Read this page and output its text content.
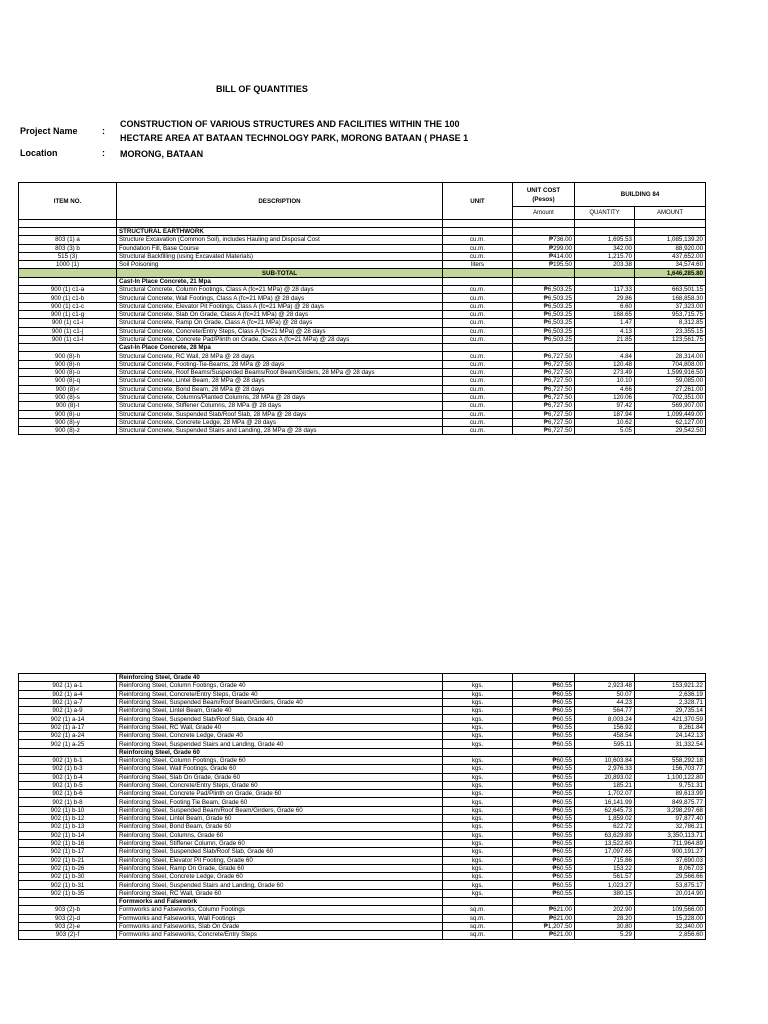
BILL OF QUANTITIES
Project Name	:
CONSTRUCTION OF VARIOUS STRUCTURES AND FACILITIES WITHIN THE 100
HECTARE AREA AT BATAAN TECHNOLOGY PARK, MORONG BATAAN ( PHASE 1
Location	: MORONG, BATAAN
ITEM NO.	DESCRIPTION	UNIT	UNIT COST
(Pesos)	BUILDING 84	
			Amount	QUANTITY	AMOUNT

	STRUCTURAL EARTHWORK				
803 (1) a	Structure Excavation (Common Soil), includes Hauling and Disposal Cost	cu.m.	₱736.00	1,695.53	1,085,139.20
803 (3) b	Foundation Fill, Base Course	cu.m.	₱299.00	342.00	88,920.00
515 (3)	Structural Backfilling (using Excavated Materials)	cu.m.	₱414.00	1,215.70	437,652.00
1000 (1)	Soil Poisoning	liters	₱195.50	203.38	34,574.60
	SUB-TOTAL				1,646,285.80
	Cast-In Place Concrete, 21 Mpa				
900 (1) c1-a	Structural Concrete, Column Footings, Class A (fc=21 MPa) @ 28 days	cu.m.	₱6,503.25	117.33	663,501.15
900 (1) c1-b	Structural Concrete, Wall Footings, Class A (fc=21 MPa) @ 28 days	cu.m.	₱6,503.25	29.86	168,858.30
900 (1) c1-c	Structural Concrete, Elevator Pit Footings, Class A (fc=21 MPa) @ 28 days	cu.m.	₱6,503.25	6.60	37,323.00
900 (1) c1-g	Structural Concrete, Slab On Grade, Class A (fc=21 MPa) @ 28 days	cu.m.	₱6,503.25	168.65	953,715.75
900 (1) c1-i	Structural Concrete, Ramp On Grade, Class A (fc=21 MPa) @ 28 days	cu.m.	₱6,503.25	1.47	8,312.85
900 (1) c1-j	Structural Concrete, Concrete/Entry Steps, Class A (fc=21 MPa) @ 28 days	cu.m.	₱6,503.25	4.13	23,355.15
900 (1) c1-l	Structural Concrete, Concrete Pad/Plinth on Grade, Class A (fc=21 MPa) @ 28 days	cu.m.	₱6,503.25	21.85	123,561.75
	Cast-In Place Concrete, 28 Mpa				
900 (8)-h	Structural Concrete, RC Wall, 28 MPa @ 28 days	cu.m.	₱6,727.50	4.84	28,314.00
900 (8)-n	Structural Concrete, Footing-Tie-Beams, 28 MPa @ 28 days	cu.m.	₱6,727.50	120.48	704,808.00
900 (8)-o	Structural Concrete, Roof Beams/Suspended Beams/Roof Beam/Girders, 28 MPa @ 28 days	cu.m.	₱6,727.50	273.49	1,599,916.50
900 (8)-q	Structural Concrete, Lintel Beam, 28 MPa @ 28 days	cu.m.	₱6,727.50	10.10	59,085.00
900 (8)-r	Structural Concrete, Bond Beam, 28 MPa @ 28 days	cu.m.	₱6,727.50	4.66	27,261.00
900 (8)-s	Structural Concrete, Columns/Planted Columns, 28 MPa @ 28 days	cu.m.	₱6,727.50	120.06	702,351.00
900 (8)-t	Structural Concrete, Stiffener Columns, 28 MPa @ 28 days	cu.m.	₱6,727.50	97.42	569,907.00
900 (8)-u	Structural Concrete, Suspended Slab/Roof Slab, 28 MPa @ 28 days	cu.m.	₱6,727.50	187.94	1,099,449.00
900 (8)-y	Structural Concrete, Concrete Ledge, 28 MPa @ 28 days	cu.m.	₱6,727.50	10.62	62,127.00
900 (8)-z	Structural Concrete, Suspended Stairs and Landing, 28 MPa @ 28 days	cu.m.	₱6,727.50	5.05	29,542.50
	Reinforcing Steel, Grade 40				
902 (1) a-1	Reinforcing Steel, Column Footings, Grade 40	kgs.	₱60.55	2,923.48	153,921.22
902 (1) a-4	Reinforcing Steel, Concrete/Entry Steps, Grade 40	kgs.	₱60.55	50.07	2,636.19
902 (1) a-7	Reinforcing Steel, Suspended Beam/Roof Beam/Girders, Grade 40	kgs.	₱60.55	44.23	2,328.71
902 (1) a-9	Reinforcing Steel, Lintel Beam, Grade 40	kgs.	₱60.55	564.77	29,735.14
902 (1) a-14	Reinforcing Steel, Suspended Slab/Roof Slab, Grade 40	kgs.	₱60.55	8,003.24	421,370.59
902 (1) a-17	Reinforcing Steel, RC Wall, Grade 40	kgs.	₱60.55	156.92	8,261.84
902 (1) a-24	Reinforcing Steel, Concrete Ledge, Grade 40	kgs.	₱60.55	458.54	24,142.13
902 (1) a-25	Reinforcing Steel, Suspended Stairs and Landing, Grade 40	kgs.	₱60.55	595.11	31,332.54
	Reinforcing Steel, Grade 60				
902 (1) b-1	Reinforcing Steel, Column Footings, Grade 60	kgs.	₱60.55	10,603.84	558,292.18
902 (1) b-3	Reinforcing Steel, Wall Footings, Grade 60	kgs.	₱60.55	2,976.33	156,703.77
902 (1) b-4	Reinforcing Steel, Slab On Grade, Grade 60	kgs.	₱60.55	20,893.02	1,100,122.80
902 (1) b-5	Reinforcing Steel, Concrete/Entry Steps, Grade 60	kgs.	₱60.55	185.21	9,751.31
902 (1) b-6	Reinforcing Steel, Concrete Pad/Plinth on Grade, Grade 60	kgs.	₱60.55	1,702.07	89,613.99
902 (1) b-8	Reinforcing Steel, Footing Tie Beam, Grade 60	kgs.	₱60.55	16,141.99	849,875.77
902 (1) b-10	Reinforcing Steel, Suspended Beam/Roof Beam/Girders, Grade 60	kgs.	₱60.55	62,645.73	3,298,297.68
902 (1) b-12	Reinforcing Steel, Lintel Beam, Grade 60	kgs.	₱60.55	1,859.02	97,877.40
902 (1) b-13	Reinforcing Steel, Bond Beam, Grade 60	kgs.	₱60.55	622.72	32,786.21
902 (1) b-14	Reinforcing Steel, Columns, Grade 60	kgs.	₱60.55	63,629.89	3,350,113.71
902 (1) b-16	Reinforcing Steel, Stiffener Column, Grade 60	kgs.	₱60.55	13,522.60	711,964.89
902 (1) b-17	Reinforcing Steel, Suspended Slab/Roof Slab, Grade 60	kgs.	₱60.55	17,097.65	900,191.27
902 (1) b-21	Reinforcing Steel, Elevator Pit Footing, Grade 60	kgs.	₱60.55	715.86	37,690.03
902 (1) b-26	Reinforcing Steel, Ramp On Grade, Grade 60	kgs.	₱60.55	153.22	8,067.03
902 (1) b-30	Reinforcing Steel, Concrete Ledge, Grade 60	kgs.	₱60.55	561.57	29,566.66
902 (1) b-31	Reinforcing Steel, Suspended Stairs and Landing, Grade 60	kgs.	₱60.55	1,023.27	53,875.17
902 (1) b-35	Reinforcing Steel, RC Wall, Grade 60	kgs.	₱60.55	380.15	20,014.90
	Formworks and Falsework				
903 (2)-b	Formworks and Falseworks, Column Footings	sq.m.	₱621.00	202.90	109,566.00
903 (2)-d	Formworks and Falseworks, Wall Footings	sq.m.	₱621.00	28.20	15,228.00
903 (2)-e	Formworks and Falseworks, Slab On Grade	sq.m.	₱1,207.50	30.80	32,340.00
903 (2)-f	Formworks and Falseworks, Concrete/Entry Steps	sq.m.	₱621.00	5.29	2,856.60
